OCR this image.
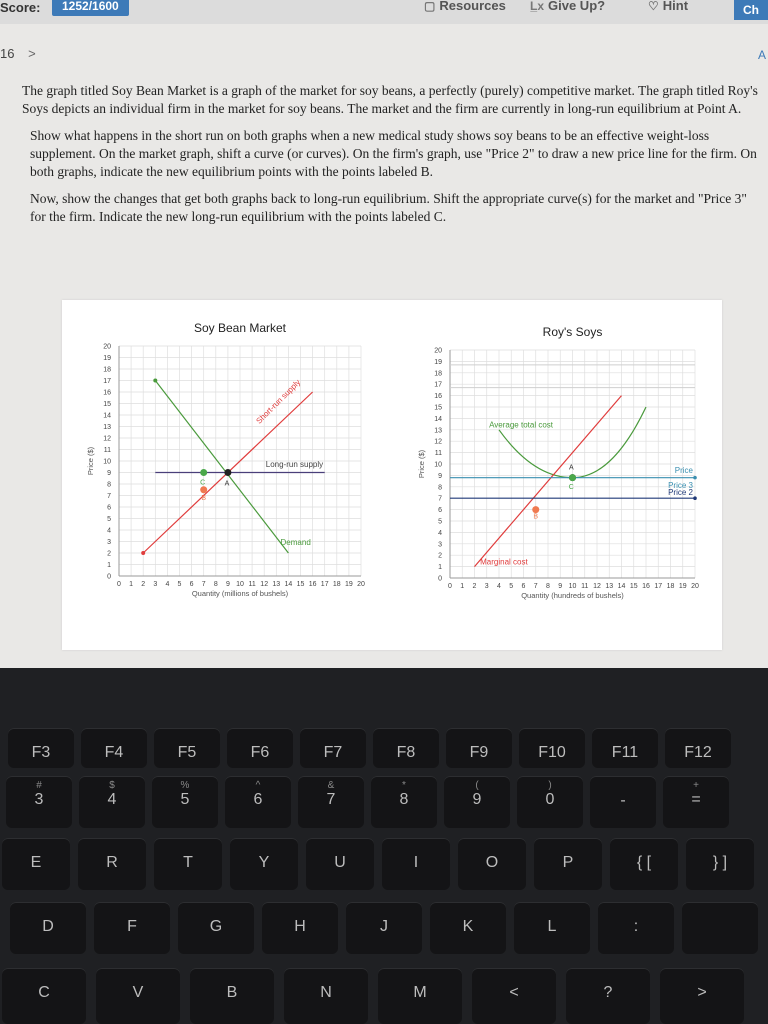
Score:	1252/1600	▢ Resources L̲x Give Up?	♡ Hint	Ch
16 >	A

The graph titled Soy Bean Market is a graph of the market for soy beans, a perfectly (purely) competitive market. The graph titled Roy's Soys depicts an individual firm in the market for soy beans. The market and the firm are currently in long-run equilibrium at Point A.

Show what happens in the short run on both graphs when a new medical study shows soy beans to be an effective weight-loss supplement. On the market graph, shift a curve (or curves). On the firm's graph, use "Price 2" to draw a new price line for the firm. On both graphs, indicate the new equilibrium points with the points labeled B.

Now, show the changes that get both graphs back to long-run equilibrium. Shift the appropriate curve(s) for the market and "Price 3" for the firm. Indicate the new long-run equilibrium with the points labeled C.

0 1 2 3 4 5 6 7 8 9 10 11 12 13 14 15 16 17 18 19 20
0
1
2
3
4
5
6
7
8
9
10
11
12
13
14
15
16
17
18
19
20
Soy Bean Market
Quantity (millions of bushels)
Price ($)	Long-run supply
Demand
Short-run supply
A
C
B
0 1 2 3 4 5 6 7 8 9 10 11 12 13 14 15 16 17 18 19 20
0
1
2
3
4
5
6
7
8
9
10
11
12
13
14
15
16
17
18
19
20
Roy's Soys
Quantity (hundreds of bushels)
Price ($)
Average total cost
Marginal cost
Price
Price 3
Price 2
A
C
B
F3	F4	F5	F6	F7	F8	F9	F10	F11	F12
#
3
$
4
%
5
^
6
&
7
*
8
(
9
)
0	-
+
=
E	R	T	Y	U	I	O	P	{ [	} ]
D	F	G	H	J	K	L	:
C	V	B	N	M	<	?	>
